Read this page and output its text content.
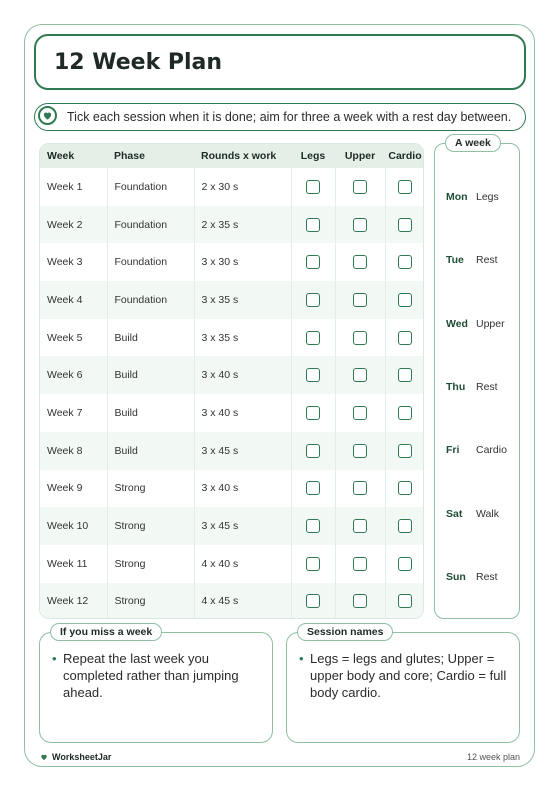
12 Week Plan
Tick each session when it is done; aim for three a week with a rest day between.
Week	Phase	Rounds x work	Legs	Upper	Cardio
Week 1	Foundation	2 x 30 s			
Week 2	Foundation	2 x 35 s			
Week 3	Foundation	3 x 30 s			
Week 4	Foundation	3 x 35 s			
Week 5	Build	3 x 35 s			
Week 6	Build	3 x 40 s			
Week 7	Build	3 x 40 s			
Week 8	Build	3 x 45 s			
Week 9	Strong	3 x 40 s			
Week 10	Strong	3 x 45 s			
Week 11	Strong	4 x 40 s			
Week 12	Strong	4 x 45 s			
A week
Mon Legs
Tue Rest
Wed Upper
Thu Rest
Fri Cardio
Sat Walk
Sun Rest
• Repeat the last week you completed rather than jumping ahead.
If you miss a week
• Legs = legs and glutes; Upper = upper body and core; Cardio = full body cardio.
Session names
WorksheetJar	12 week plan
